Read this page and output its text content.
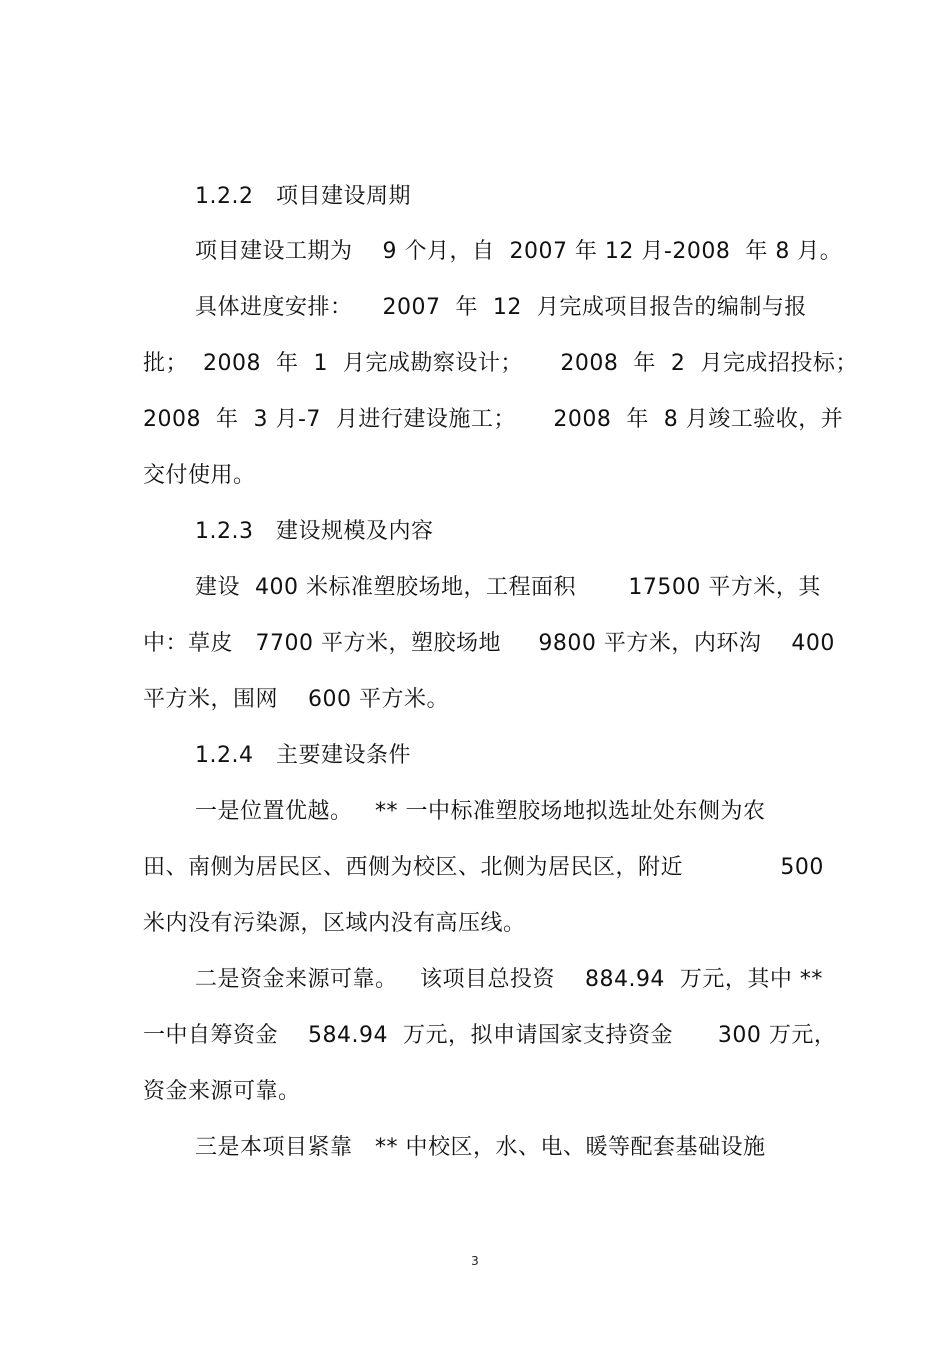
1.2.2   项目建设周期
项目建设工期为    9 个月，自  2007 年 12 月-2008  年 8 月。
具体进度安排：    2007  年  12  月完成项目报告的编制与报
批；  2008  年  1  月完成勘察设计；     2008  年  2  月完成招投标；
2008  年  3 月-7  月进行建设施工；     2008  年  8 月竣工验收，并
交付使用。
1.2.3   建设规模及内容
建设  400 米标准塑胶场地，工程面积       17500 平方米，其
中：草皮   7700 平方米，塑胶场地     9800 平方米，内环沟    400
平方米，围网    600 平方米。
1.2.4   主要建设条件
一是位置优越。   ** 一中标准塑胶场地拟选址处东侧为农
田、南侧为居民区、西侧为校区、北侧为居民区，附近             500
米内没有污染源，区域内没有高压线。
二是资金来源可靠。   该项目总投资    884.94  万元，其中 **
一中自筹资金    584.94  万元，拟申请国家支持资金      300 万元，
资金来源可靠。
三是本项目紧靠   ** 中校区，水、电、暖等配套基础设施
3
